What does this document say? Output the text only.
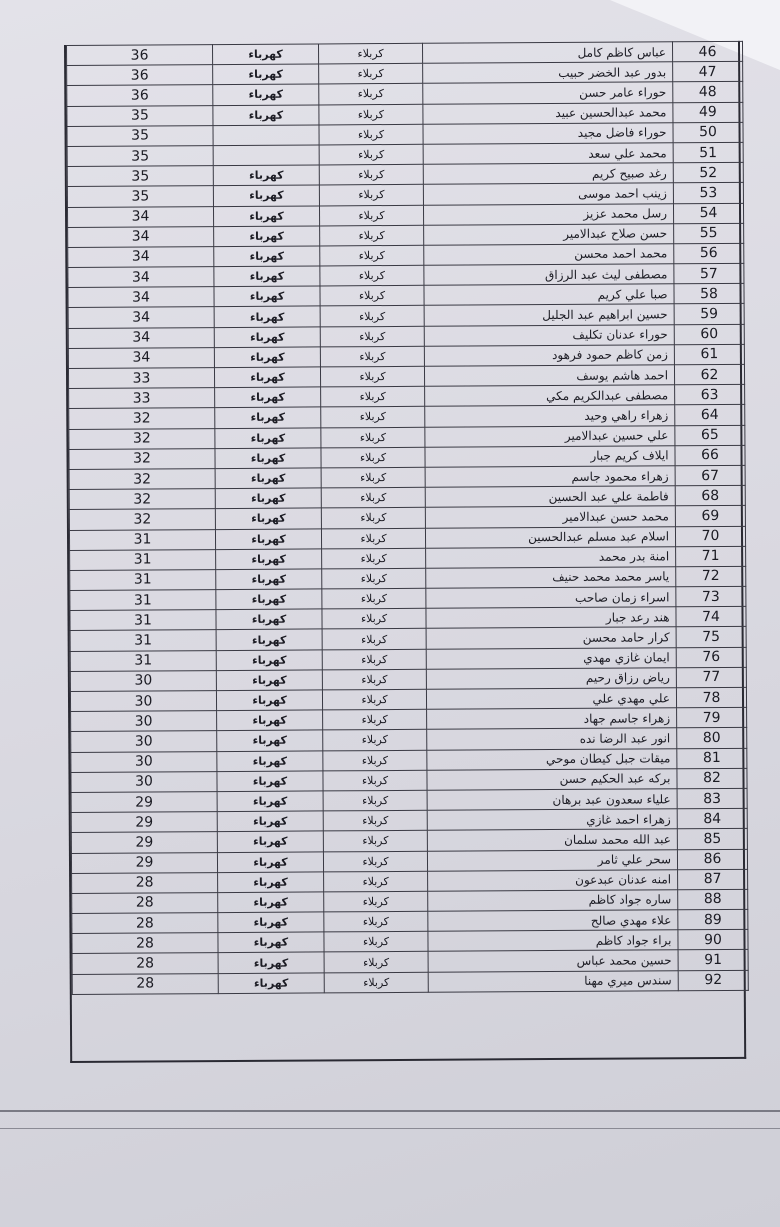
36	كهرباء	كربلاء	عباس كاظم كامل	46
36	كهرباء	كربلاء	بدور عبد الخضر حبيب	47
36	كهرباء	كربلاء	حوراء عامر حسن	48
35	كهرباء	كربلاء	محمد عبدالحسين عبيد	49
35		كربلاء	حوراء فاضل مجيد	50
35		كربلاء	محمد علي سعد	51
35	كهرباء	كربلاء	رغد صبيح كريم	52
35	كهرباء	كربلاء	زينب احمد موسى	53
34	كهرباء	كربلاء	رسل محمد عزيز	54
34	كهرباء	كربلاء	حسن صلاح عبدالامير	55
34	كهرباء	كربلاء	محمد احمد محسن	56
34	كهرباء	كربلاء	مصطفى ليث عبد الرزاق	57
34	كهرباء	كربلاء	صبا علي كريم	58
34	كهرباء	كربلاء	حسين ابراهيم عبد الجليل	59
34	كهرباء	كربلاء	حوراء عدنان تكليف	60
34	كهرباء	كربلاء	زمن كاظم حمود فرهود	61
33	كهرباء	كربلاء	احمد هاشم يوسف	62
33	كهرباء	كربلاء	مصطفى عبدالكريم مكي	63
32	كهرباء	كربلاء	زهراء راهي وحيد	64
32	كهرباء	كربلاء	علي حسين عبدالامير	65
32	كهرباء	كربلاء	ايلاف كريم جبار	66
32	كهرباء	كربلاء	زهراء محمود جاسم	67
32	كهرباء	كربلاء	فاطمة علي عبد الحسين	68
32	كهرباء	كربلاء	محمد حسن عبدالامير	69
31	كهرباء	كربلاء	اسلام عبد مسلم عبدالحسين	70
31	كهرباء	كربلاء	امنة بدر محمد	71
31	كهرباء	كربلاء	ياسر محمد محمد حنيف	72
31	كهرباء	كربلاء	اسراء زمان صاحب	73
31	كهرباء	كربلاء	هند رعد جبار	74
31	كهرباء	كربلاء	كرار حامد محسن	75
31	كهرباء	كربلاء	ايمان غازي مهدي	76
30	كهرباء	كربلاء	رياض رزاق رحيم	77
30	كهرباء	كربلاء	علي مهدي علي	78
30	كهرباء	كربلاء	زهراء جاسم جهاد	79
30	كهرباء	كربلاء	انور عبد الرضا نده	80
30	كهرباء	كربلاء	ميقات جبل كيطان موحي	81
30	كهرباء	كربلاء	بركه عبد الحكيم حسن	82
29	كهرباء	كربلاء	علياء سعدون عبد برهان	83
29	كهرباء	كربلاء	زهراء احمد غازي	84
29	كهرباء	كربلاء	عبد الله محمد سلمان	85
29	كهرباء	كربلاء	سحر علي ثامر	86
28	كهرباء	كربلاء	امنه عدنان عبدعون	87
28	كهرباء	كربلاء	ساره جواد كاظم	88
28	كهرباء	كربلاء	علاء مهدي صالح	89
28	كهرباء	كربلاء	براء جواد كاظم	90
28	كهرباء	كربلاء	حسين محمد عباس	91
28	كهرباء	كربلاء	سندس ميري مهنا	92
